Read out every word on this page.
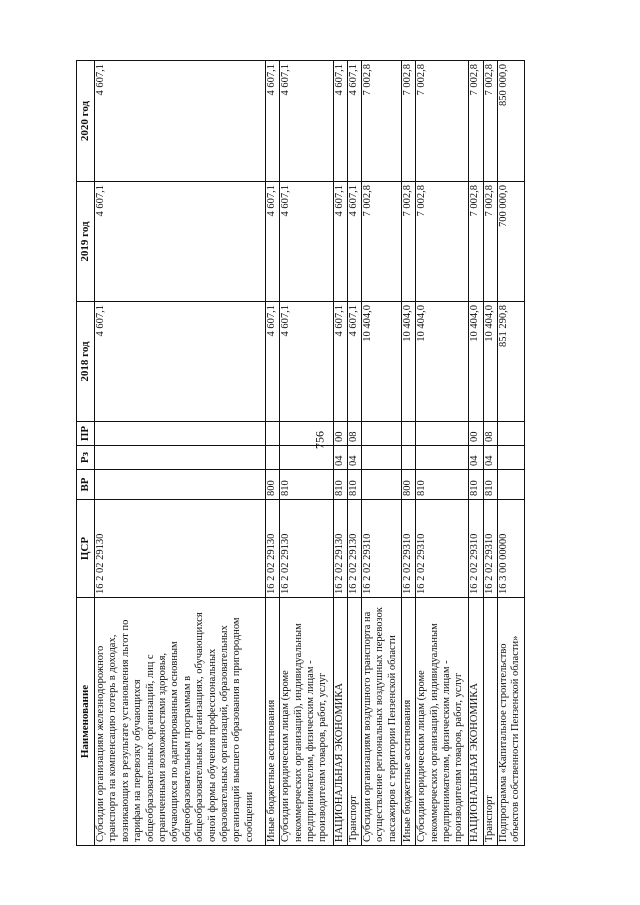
756
Наименование	ЦСР	ВР	Рз	ПР	2018 год	2019 год	2020 год
Субсидии организациям железнодорожного транспорта на компенсацию потерь в доходах, возникающих в результате установления льгот по тарифам на перевозку обучающихся общеобразовательных организаций, лиц с ограниченными возможностями здоровья, обучающихся по адаптированным основным общеобразовательным программам в общеобразовательных организациях, обучающихся очной формы обучения профессиональных образовательных организаций, образовательных организаций высшего образования в пригородном сообщении	16 2 02 29130				4 607,1	4 607,1	4 607,1
Иные бюджетные ассигнования	16 2 02 29130	800			4 607,1	4 607,1	4 607,1
Субсидии юридическим лицам (кроме некоммерческих организаций), индивидуальным предпринимателям, физическим лицам - производителям товаров, работ, услуг	16 2 02 29130	810			4 607,1	4 607,1	4 607,1
НАЦИОНАЛЬНАЯ ЭКОНОМИКА	16 2 02 29130	810	04	00	4 607,1	4 607,1	4 607,1
Транспорт	16 2 02 29130	810	04	08	4 607,1	4 607,1	4 607,1
Субсидии организациям воздушного транспорта на осуществление региональных воздушных перевозок пассажиров с территории Пензенской области	16 2 02 29310				10 404,0	7 002,8	7 002,8
Иные бюджетные ассигнования	16 2 02 29310	800			10 404,0	7 002,8	7 002,8
Субсидии юридическим лицам (кроме некоммерческих организаций), индивидуальным предпринимателям, физическим лицам - производителям товаров, работ, услуг	16 2 02 29310	810			10 404,0	7 002,8	7 002,8
НАЦИОНАЛЬНАЯ ЭКОНОМИКА	16 2 02 29310	810	04	00	10 404,0	7 002,8	7 002,8
Транспорт	16 2 02 29310	810	04	08	10 404,0	7 002,8	7 002,8
Подпрограмма «Капитальное строительство объектов собственности Пензенской области»	16 3 00 00000				851 290,8	700 000,0	850 000,0
